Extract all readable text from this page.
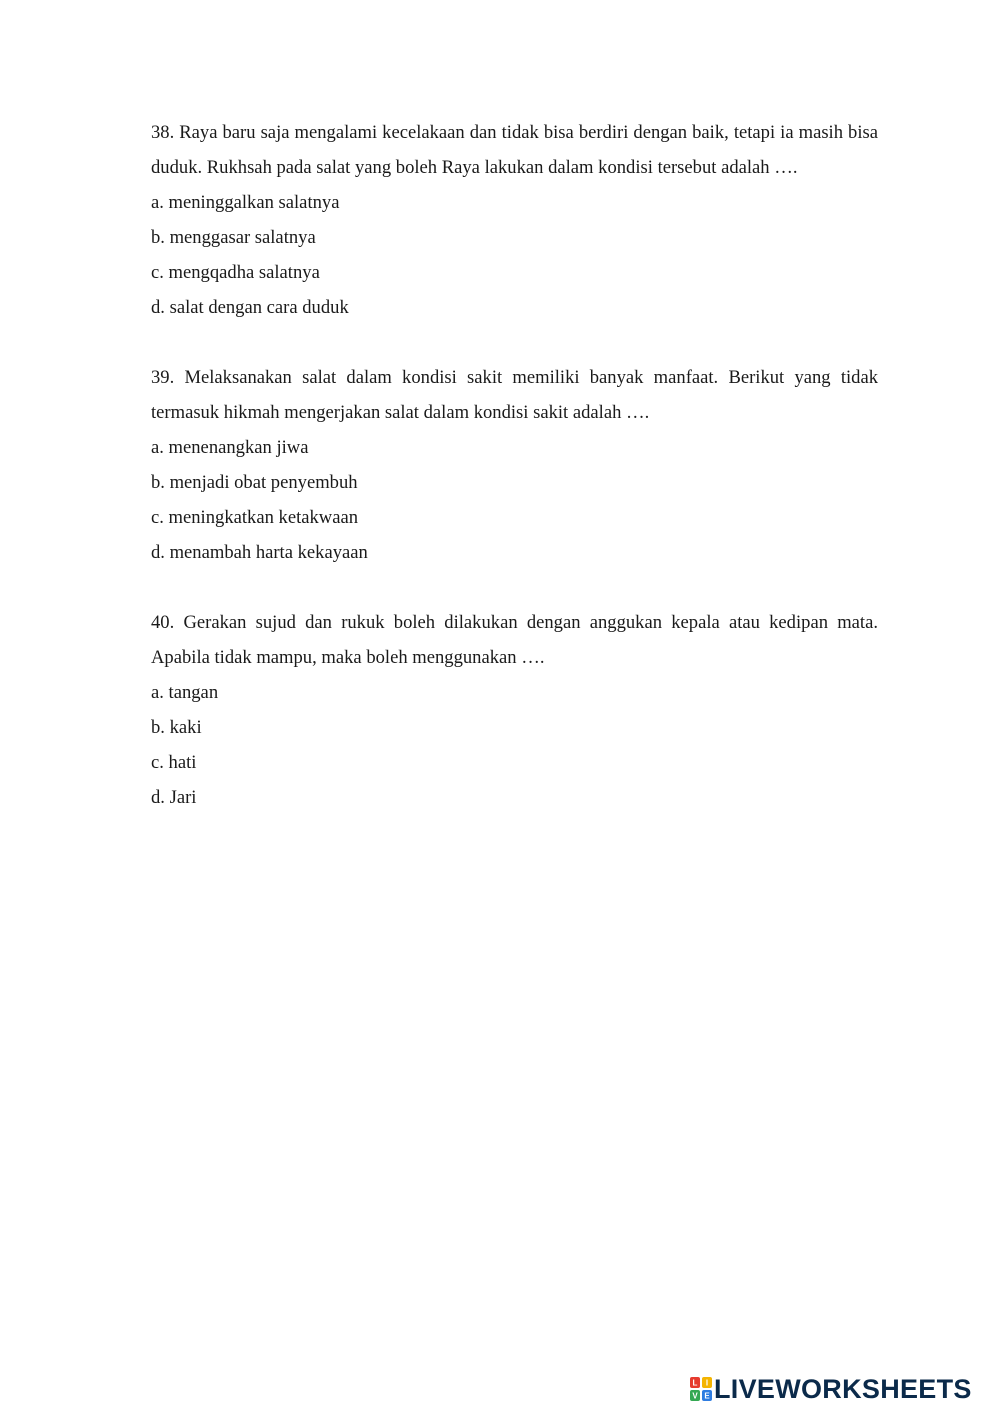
38. Raya baru saja mengalami kecelakaan dan tidak bisa berdiri dengan baik, tetapi ia masih bisa duduk. Rukhsah pada salat yang boleh Raya lakukan dalam kondisi tersebut adalah ….

a. meninggalkan salatnya
b. menggasar salatnya
c. mengqadha salatnya
d. salat dengan cara duduk

39. Melaksanakan salat dalam kondisi sakit memiliki banyak manfaat. Berikut yang tidak termasuk hikmah mengerjakan salat dalam kondisi sakit adalah ….

a. menenangkan jiwa
b. menjadi obat penyembuh
c. meningkatkan ketakwaan
d. menambah harta kekayaan

40. Gerakan sujud dan rukuk boleh dilakukan dengan anggukan kepala atau kedipan mata. Apabila tidak mampu, maka boleh menggunakan ….

a. tangan
b. kaki
c. hati
d. Jari
L I
V E LIVEWORKSHEETS
